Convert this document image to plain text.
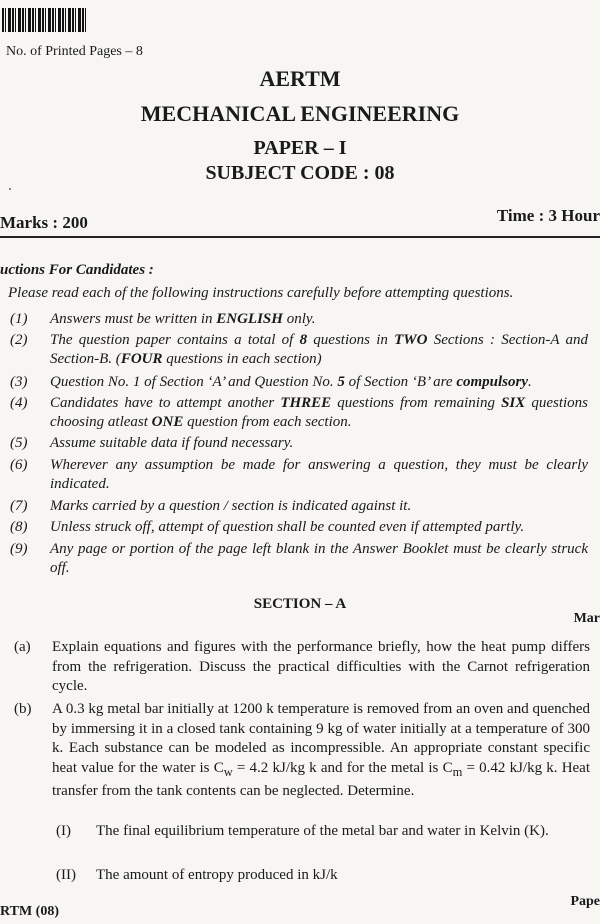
No. of Printed Pages – 8
AERTM
MECHANICAL ENGINEERING
PAPER – I
SUBJECT CODE : 08
Marks : 200	Time : 3 Hour
uctions For Candidates :
Please read each of the following instructions carefully before attempting questions.
(1) Answers must be written in ENGLISH only.
(2) The question paper contains a total of 8 questions in TWO Sections : Section-A and Section-B. (FOUR questions in each section)
(3) Question No. 1 of Section ‘A’ and Question No. 5 of Section ‘B’ are compulsory.
(4) Candidates have to attempt another THREE questions from remaining SIX questions choosing atleast ONE question from each section.
(5) Assume suitable data if found necessary.
(6) Wherever any assumption be made for answering a question, they must be clearly indicated.
(7) Marks carried by a question / section is indicated against it.
(8) Unless struck off, attempt of question shall be counted even if attempted partly.
(9) Any page or portion of the page left blank in the Answer Booklet must be clearly struck off.
SECTION – A
Mar
(a) Explain equations and figures with the performance briefly, how the heat pump differs from the refrigeration. Discuss the practical difficulties with the Carnot refrigeration cycle.
(b) A 0.3 kg metal bar initially at 1200 k temperature is removed from an oven and quenched by immersing it in a closed tank containing 9 kg of water initially at a temperature of 300 k. Each substance can be modeled as incompressible. An appropriate constant specific heat value for the water is $C_w = 4.2$ kJ/kg k and for the metal is $C_m = 0.42$ kJ/kg k. Heat transfer from the tank contents can be neglected. Determine.
(I) The final equilibrium temperature of the metal bar and water in Kelvin (K).
(II) The amount of entropy produced in kJ/k
RTM (08)
Pape
